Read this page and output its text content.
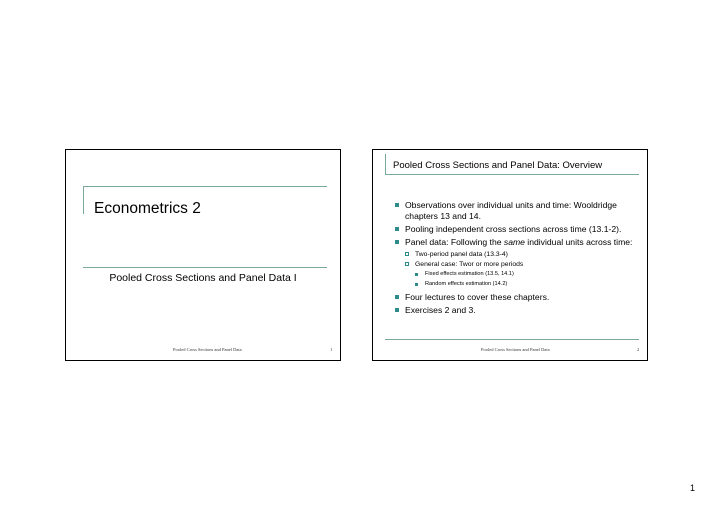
Econometrics 2
Pooled Cross Sections and Panel Data I
Pooled Cross Sections and Panel Data	1
Pooled Cross Sections and Panel Data: Overview
Observations over individual units and time: Wooldridge chapters 13 and 14.
Pooling independent cross sections across time (13.1-2).
Panel data: Following the same individual units across time:
Two-period panel data (13.3-4)
General case: Twor or more periods
Fixed effects estimation (13.5, 14.1)
Random effects estimation (14.2)
Four lectures to cover these chapters.
Exercises 2 and 3.
Pooled Cross Sections and Panel Data	2
1
